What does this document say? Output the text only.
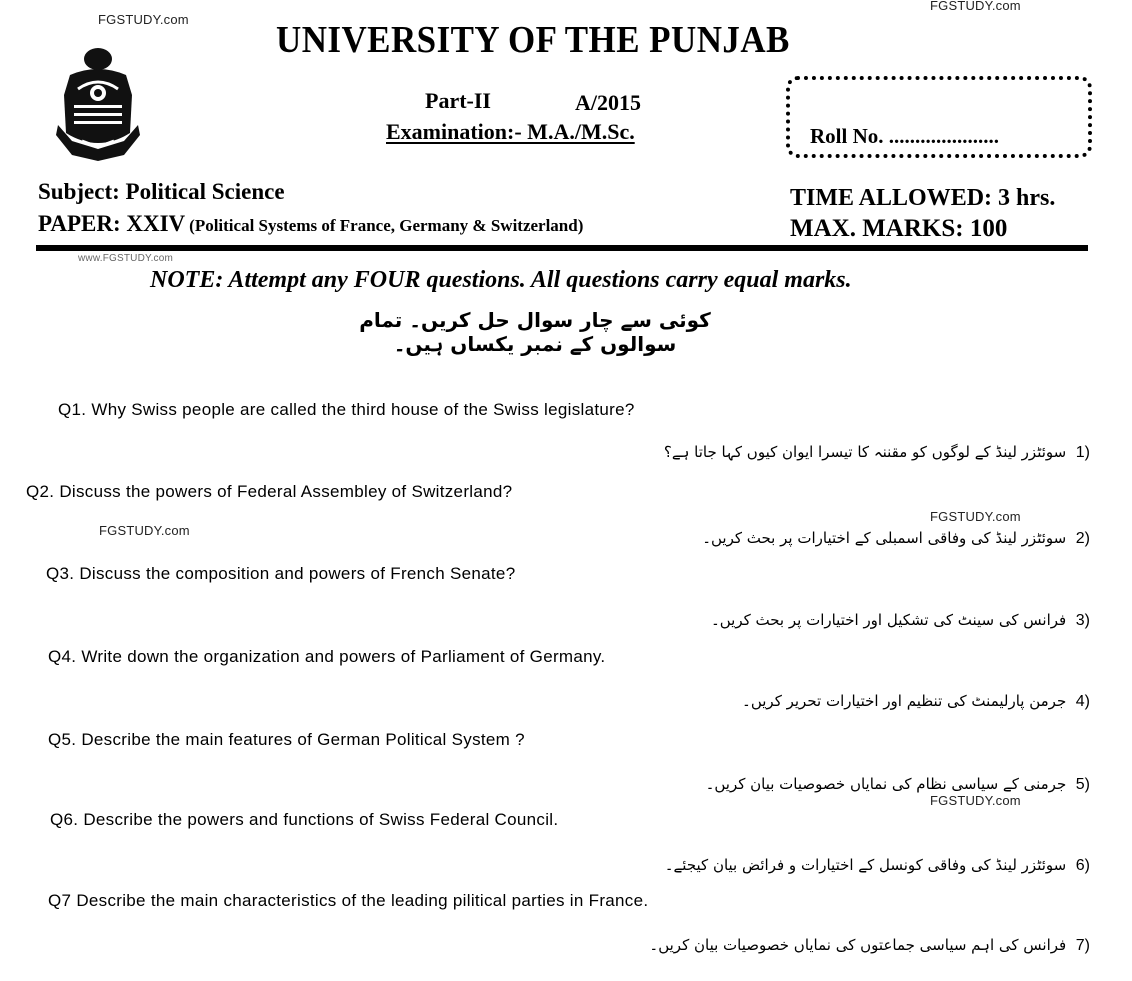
FGSTUDY.com
FGSTUDY.com
www.FGSTUDY.com
UNIVERSITY OF THE PUNJAB
Part-II	A/2015
Examination:- M.A./M.Sc.	Roll No. .....................
Subject: Political Science
PAPER: XXIV (Political Systems of France, Germany & Switzerland)
TIME ALLOWED: 3 hrs.
MAX. MARKS: 100
NOTE: Attempt any FOUR questions. All questions carry equal marks.
کوئی سے چار سوال حل کریں۔ تمام سوالوں کے نمبر یکساں ہیں۔
Q1. Why Swiss people are called the third house of the Swiss legislature?
1)  سوئٹزر لینڈ کے لوگوں کو مقننہ کا تیسرا ایوان کیوں کہا جاتا ہے؟
Q2. Discuss the powers of Federal Assembley of Switzerland?
FGSTUDY.com
FGSTUDY.com
2)  سوئٹزر لینڈ کی وفاقی اسمبلی کے اختیارات پر بحث کریں۔
Q3. Discuss the composition and powers of French Senate?
3)  فرانس کی سینٹ کی تشکیل اور اختیارات پر بحث کریں۔
Q4. Write down the organization and powers of Parliament of Germany.
4)  جرمن پارلیمنٹ کی تنظیم اور اختیارات تحریر کریں۔
Q5. Describe the main features of German Political System ?
5)  جرمنی کے سیاسی نظام کی نمایاں خصوصیات بیان کریں۔
FGSTUDY.com
Q6. Describe the powers and functions of Swiss Federal Council.
6)  سوئٹزر لینڈ کی وفاقی کونسل کے اختیارات و فرائض بیان کیجئے۔
Q7 Describe the main characteristics of the leading pilitical parties in France.
7)  فرانس کی اہم سیاسی جماعتوں کی نمایاں خصوصیات بیان کریں۔
